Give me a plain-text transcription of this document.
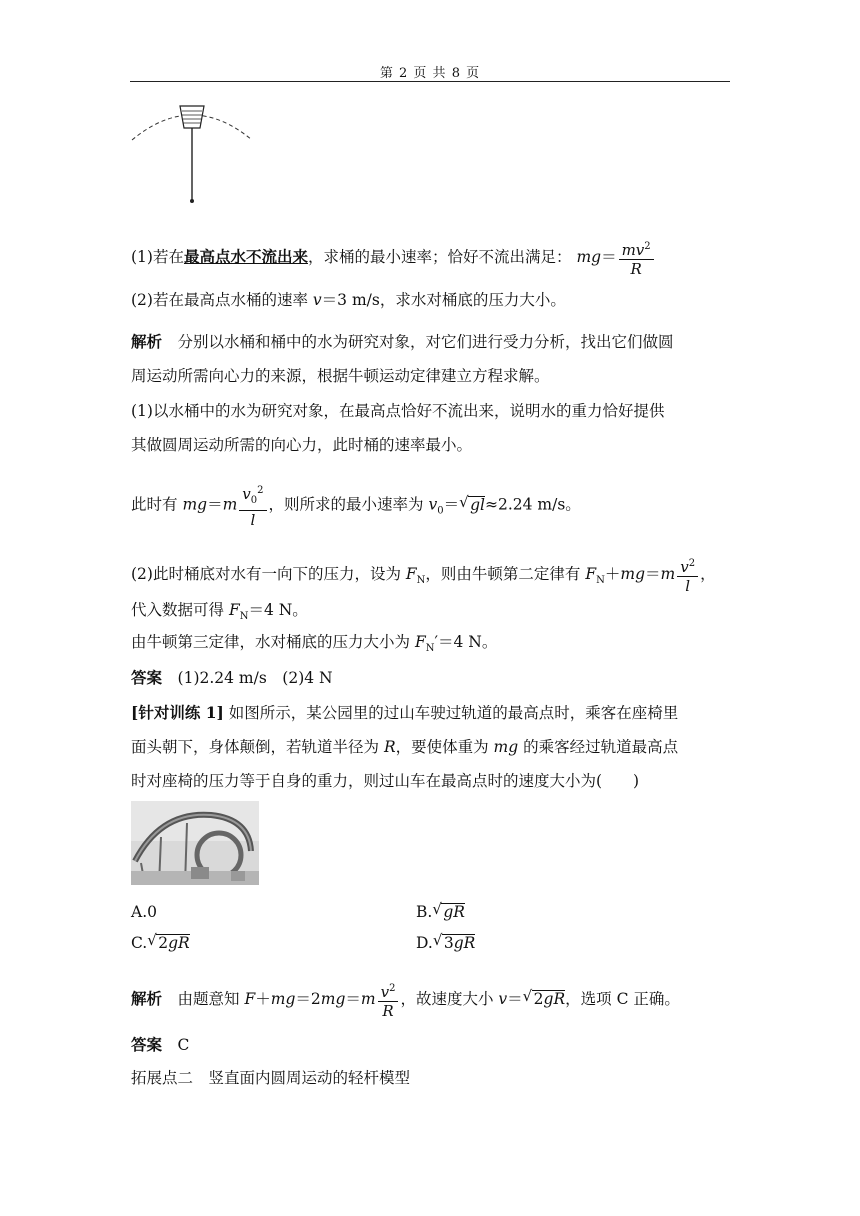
第 2 页 共 8 页
(1)若在最高点水不流出来，求桶的最小速率；恰好不流出满足： $mg= \frac{mv^2}{R}$
(2)若在最高点水桶的速率 v＝3 m/s，求水对桶底的压力大小。
解析　 分别以水桶和桶中的水为研究对象，对它们进行受力分析，找出它们做圆
周运动所需向心力的来源，根据牛顿运动定律建立方程求解。
(1)以水桶中的水为研究对象，在最高点恰好不流出来，说明水的重力恰好提供
其做圆周运动所需的向心力，此时桶的速率最小。
此时有 $mg=m \frac{v_0^2}{l}$ ，则所求的最小速率为 $v_0=√$ gl≈2.24 m/s。
(2)此时桶底对水有一向下的压力，设为 $F_N$，则由牛顿第二定律有 $F_N+mg=m \frac{v^2}{l}$ ，
代入数据可得 $F_N=4$ N。
由牛顿第三定律，水对桶底的压力大小为 $F_N'=4$ N。
答案　 (1)2.24 m/s　(2)4 N
[针对训练 1] 如图所示，某公园里的过山车驶过轨道的最高点时，乘客在座椅里
面头朝下，身体颠倒，若轨道半径为 R，要使体重为 mg 的乘客经过轨道最高点
时对座椅的压力等于自身的重力，则过山车在最高点时的速度大小为(　　)
A.0	B.√ gR
C.√ 2gR	D.√ 3gR
解析　 由题意知 $F+mg=2mg=m \frac{v^2}{R}$ ，故速度大小 v＝√ 2gR，选项 C 正确。
答案　 C
拓展点二　竖直面内圆周运动的轻杆模型
